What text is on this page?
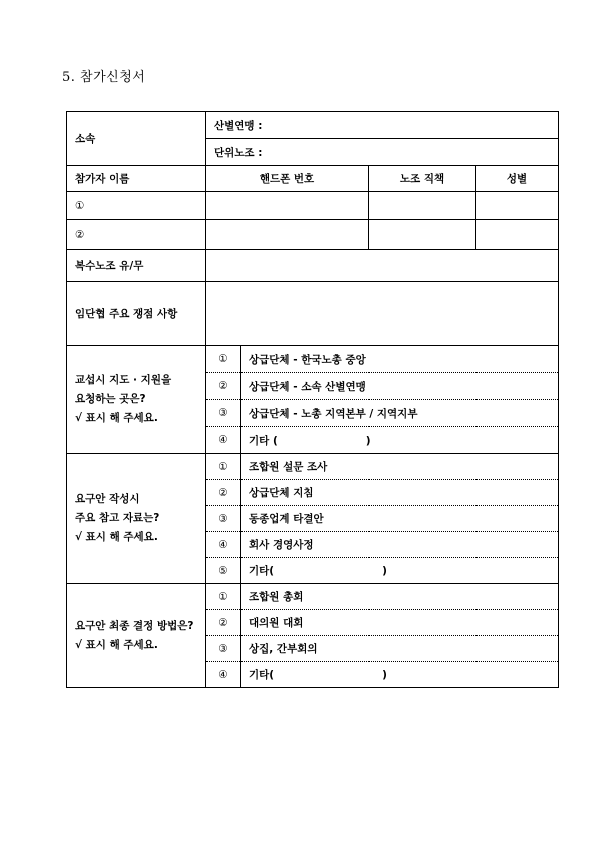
5. 참가신청서
소속	산별연맹 :			
	단위노조 :			
참가자 이름	핸드폰 번호		노조 직책	성별
①				
②				
복수노조 유/무				
임단협 주요 쟁점 사항				

교섭시 지도 · 지원을
요청하는 곳은?
√ 표시 해 주세요.	①	상급단체 - 한국노총 중앙		
	②	상급단체 - 소속 산별연맹		
	③	상급단체 - 노총 지역본부 / 지역지부		
	④	기타 ( )		

요구안 작성시
주요 참고 자료는?
√ 표시 해 주세요.	①	조합원 설문 조사		
	②	상급단체 지침		
	③	동종업계 타결안		
	④	회사 경영사정		
	⑤	기타( )		

요구안 최종 결정 방법은?
√ 표시 해 주세요.	①	조합원 총회		
	②	대의원 대회		
	③	상집, 간부회의		
	④	기타( )		
